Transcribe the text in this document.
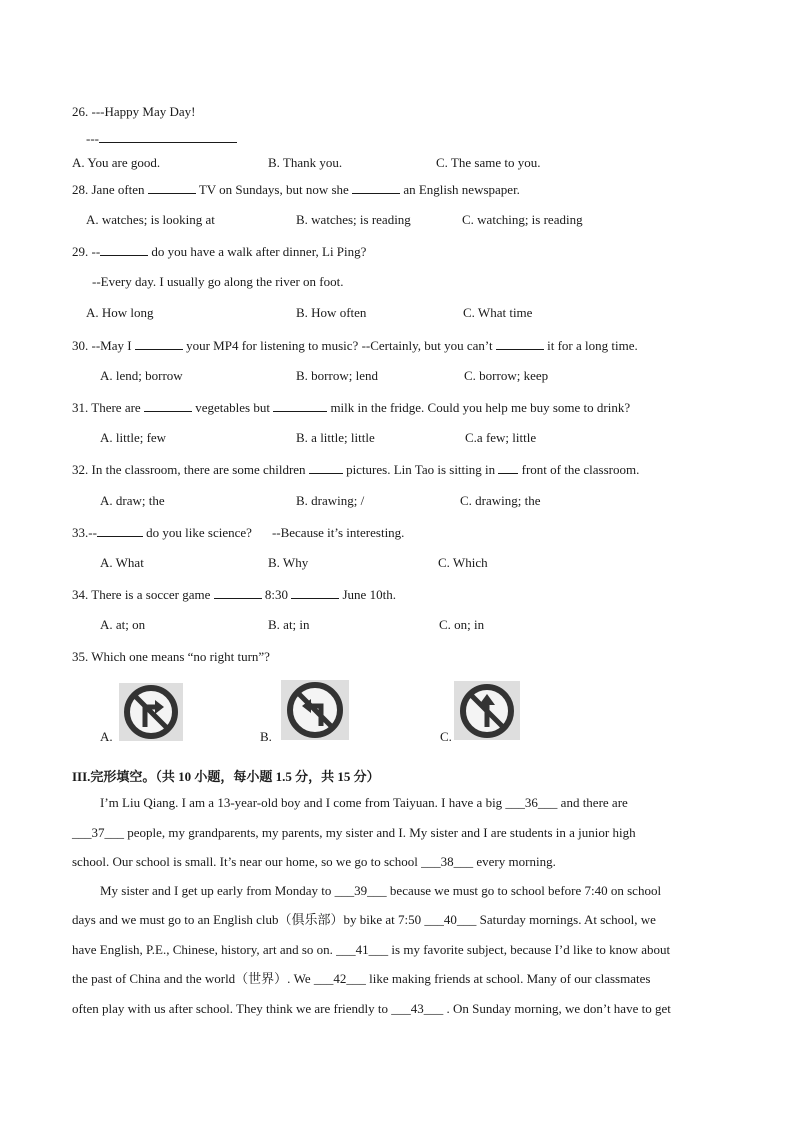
26. ---Happy May Day!
---
A. You are good.	B. Thank you.	C. The same to you.
28. Jane often	TV on Sundays, but now she	an English newspaper.
A. watches; is looking at	B. watches; is reading	C. watching; is reading
29. --	do you have a walk after dinner, Li Ping?
--Every day. I usually go along the river on foot.
A. How long	B. How often	C. What time
30. --May I	your MP4 for listening to music? --Certainly, but you can’t	it for a long time.
A. lend; borrow	B. borrow; lend	C. borrow; keep
31. There are	vegetables but	milk in the fridge. Could you help me buy some to drink?
A. little; few	B. a little; little	C.a few; little
32. In the classroom, there are some children	pictures. Lin Tao is sitting in  front of the classroom.
A. draw; the	B. drawing; /	C. drawing; the
33.--	do you like science? --Because it’s interesting.
A. What	B. Why	C. Which
34. There is a soccer game	8:30	June 10th.
A. at; on	B. at; in	C. on; in
35. Which one means “no right turn”?
A.	B.	C.
III.完形填空。（共 10 小题，每小题 1.5 分，共 15 分）
I’m Liu Qiang. I am a 13-year-old boy and I come from Taiyuan. I have a big ___36___ and there are
___37___ people, my grandparents, my parents, my sister and I. My sister and I are students in a junior high
school. Our school is small. It’s near our home, so we go to school ___38___ every morning.
My sister and I get up early from Monday to ___39___ because we must go to school before 7:40 on school
days and we must go to an English club（俱乐部）by bike at 7:50 ___40___ Saturday mornings. At school, we
have English, P.E., Chinese, history, art and so on. ___41___ is my favorite subject, because I’d like to know about
the past of China and the world（世界）. We ___42___ like making friends at school. Many of our classmates
often play with us after school. They think we are friendly to ___43___ . On Sunday morning, we don’t have to get
